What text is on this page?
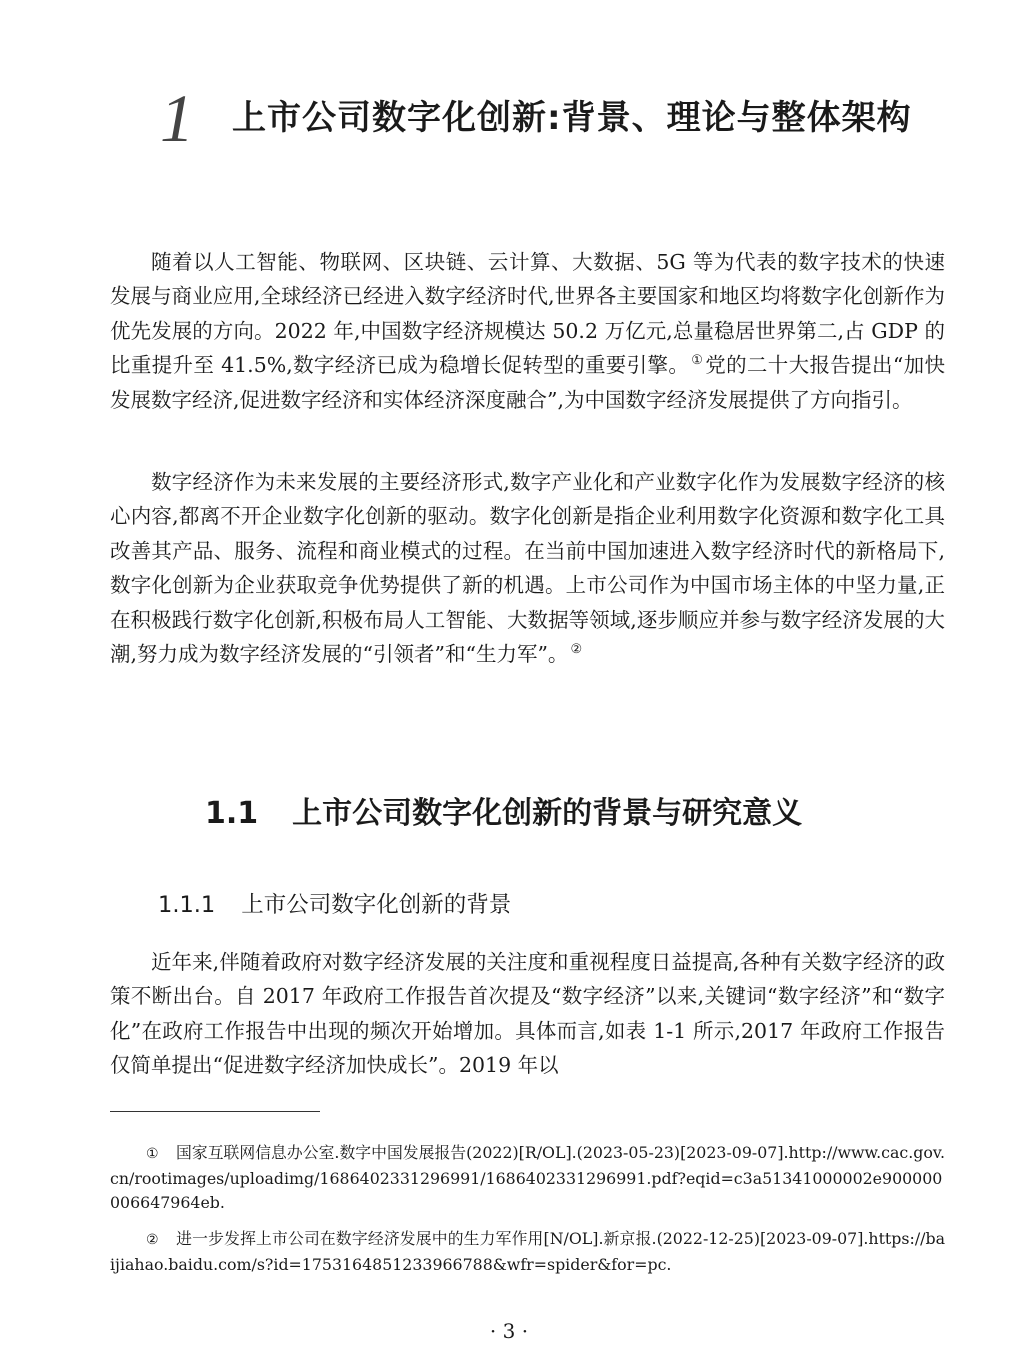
1 上市公司数字化创新:背景、理论与整体架构

随着以人工智能、物联网、区块链、云计算、大数据、5G 等为代表的数字技术的快速发展与商业应用,全球经济已经进入数字经济时代,世界各主要国家和地区均将数字化创新作为优先发展的方向。2022 年,中国数字经济规模达 50.2 万亿元,总量稳居世界第二,占 GDP 的比重提升至 41.5%,数字经济已成为稳增长促转型的重要引擎。 ①党的二十大报告提出“加快发展数字经济,促进数字经济和实体经济深度融合”,为中国数字经济发展提供了方向指引。

数字经济作为未来发展的主要经济形式,数字产业化和产业数字化作为发展数字经济的核心内容,都离不开企业数字化创新的驱动。数字化创新是指企业利用数字化资源和数字化工具改善其产品、服务、流程和商业模式的过程。在当前中国加速进入数字经济时代的新格局下,数字化创新为企业获取竞争优势提供了新的机遇。上市公司作为中国市场主体的中坚力量,正在积极践行数字化创新,积极布局人工智能、大数据等领域,逐步顺应并参与数字经济发展的大潮,努力成为数字经济发展的“引领者”和“生力军”。 ②

1.1 上市公司数字化创新的背景与研究意义
1.1.1 上市公司数字化创新的背景

近年来,伴随着政府对数字经济发展的关注度和重视程度日益提高,各种有关数字经济的政策不断出台。自 2017 年政府工作报告首次提及“数字经济”以来,关键词“数字经济”和“数字化”在政府工作报告中出现的频次开始增加。具体而言,如表 1-1 所示,2017 年政府工作报告仅简单提出“促进数字经济加快成长”。2019 年以

① 国家互联网信息办公室.数字中国发展报告(2022)[R/OL].(2023-05-23)[2023-09-07].http://www.cac.gov.cn/rootimages/uploadimg/1686402331296991/1686402331296991.pdf?eqid=c3a51341000002e900000006647964eb.

② 进一步发挥上市公司在数字经济发展中的生力军作用[N/OL].新京报.(2022-12-25)[2023-09-07].https://baijiahao.baidu.com/s?id=1753164851233966788&wfr=spider&for=pc.

· 3 ·
